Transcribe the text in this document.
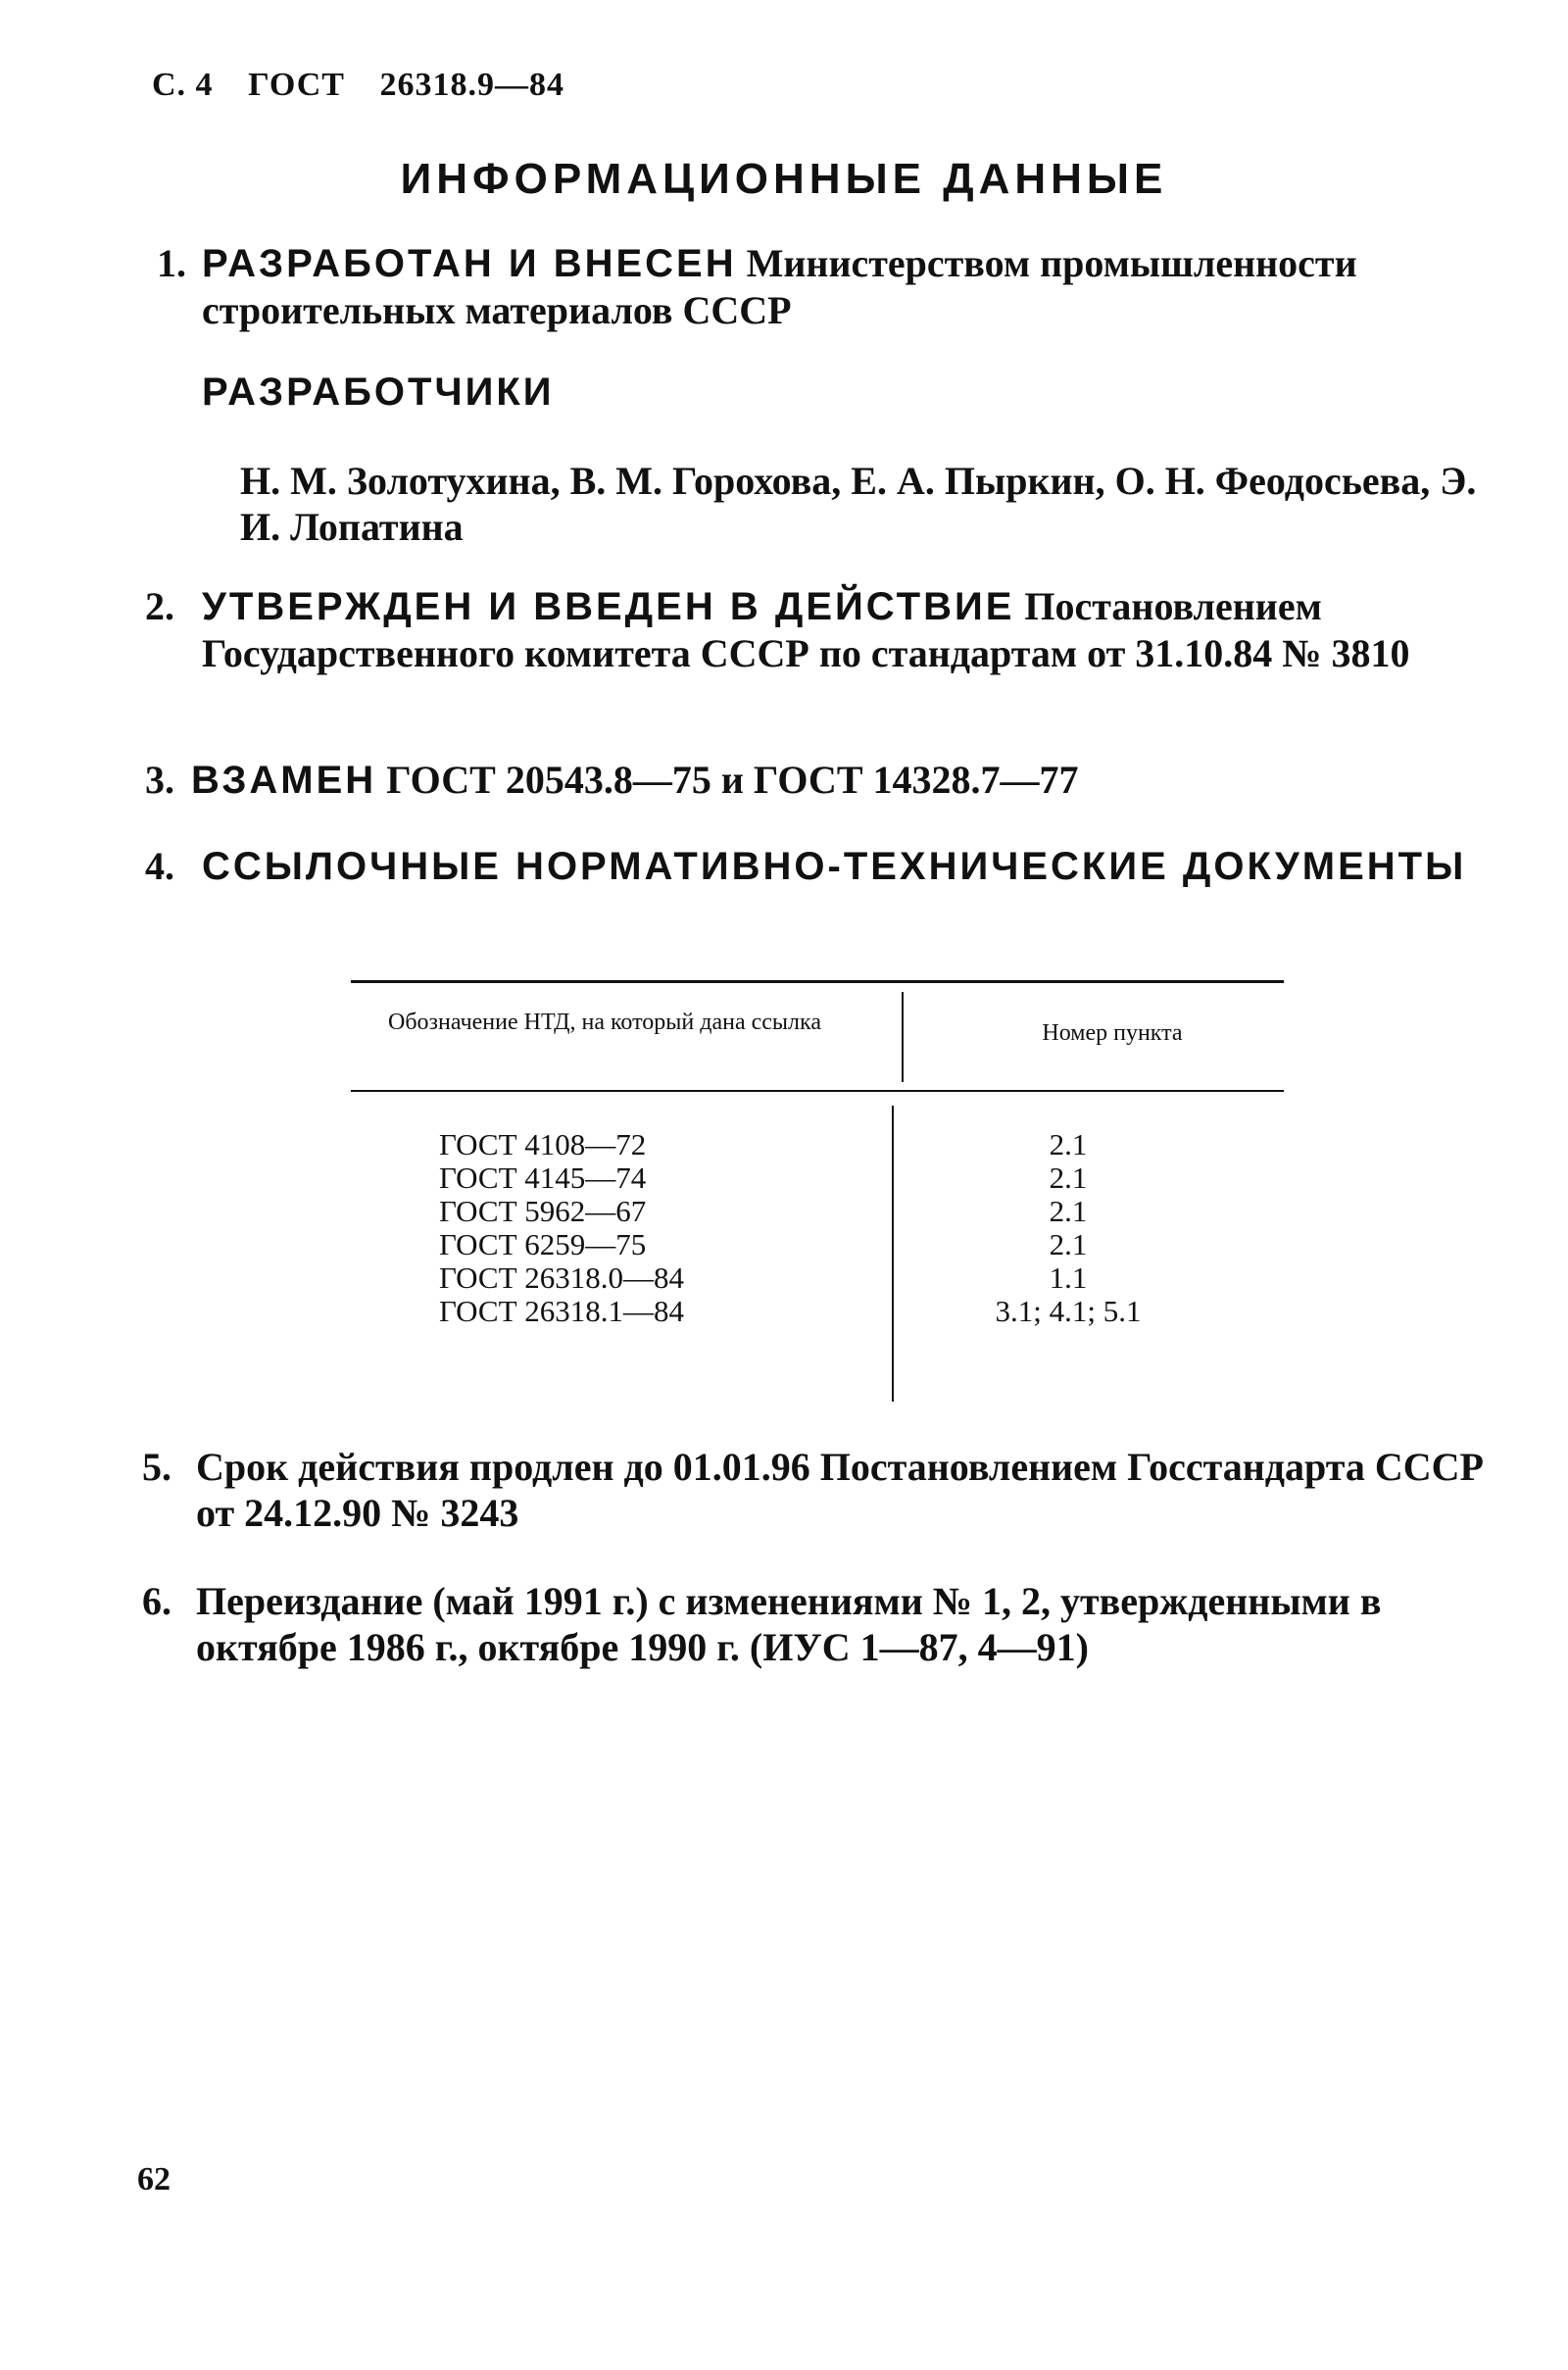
С. 4 ГОСТ 26318.9—84
ИНФОРМАЦИОННЫЕ ДАННЫЕ
1. РАЗРАБОТАН И ВНЕСЕН Министерством промышленности строительных материалов СССР
РАЗРАБОТЧИКИ
Н. М. Золотухина, В. М. Горохова, Е. А. Пыркин, О. Н. Феодосьева, Э. И. Лопатина
2. УТВЕРЖДЕН И ВВЕДЕН В ДЕЙСТВИЕ Постановлением Государственного комитета СССР по стандартам от 31.10.84 № 3810
3. ВЗАМЕН ГОСТ 20543.8—75 и ГОСТ 14328.7—77
4. ССЫЛОЧНЫЕ НОРМАТИВНО-ТЕХНИЧЕСКИЕ ДОКУМЕНТЫ
Обозначение НТД, на который дана ссылка	Номер пункта
ГОСТ 4108—72
ГОСТ 4145—74
ГОСТ 5962—67
ГОСТ 6259—75
ГОСТ 26318.0—84
ГОСТ 26318.1—84
2.1
2.1
2.1
2.1
1.1
3.1; 4.1; 5.1
5. Срок действия продлен до 01.01.96 Постановлением Госстандарта СССР от 24.12.90 № 3243
6. Переиздание (май 1991 г.) с изменениями № 1, 2, утвержденными в октябре 1986 г., октябре 1990 г. (ИУС 1—87, 4—91)
62
